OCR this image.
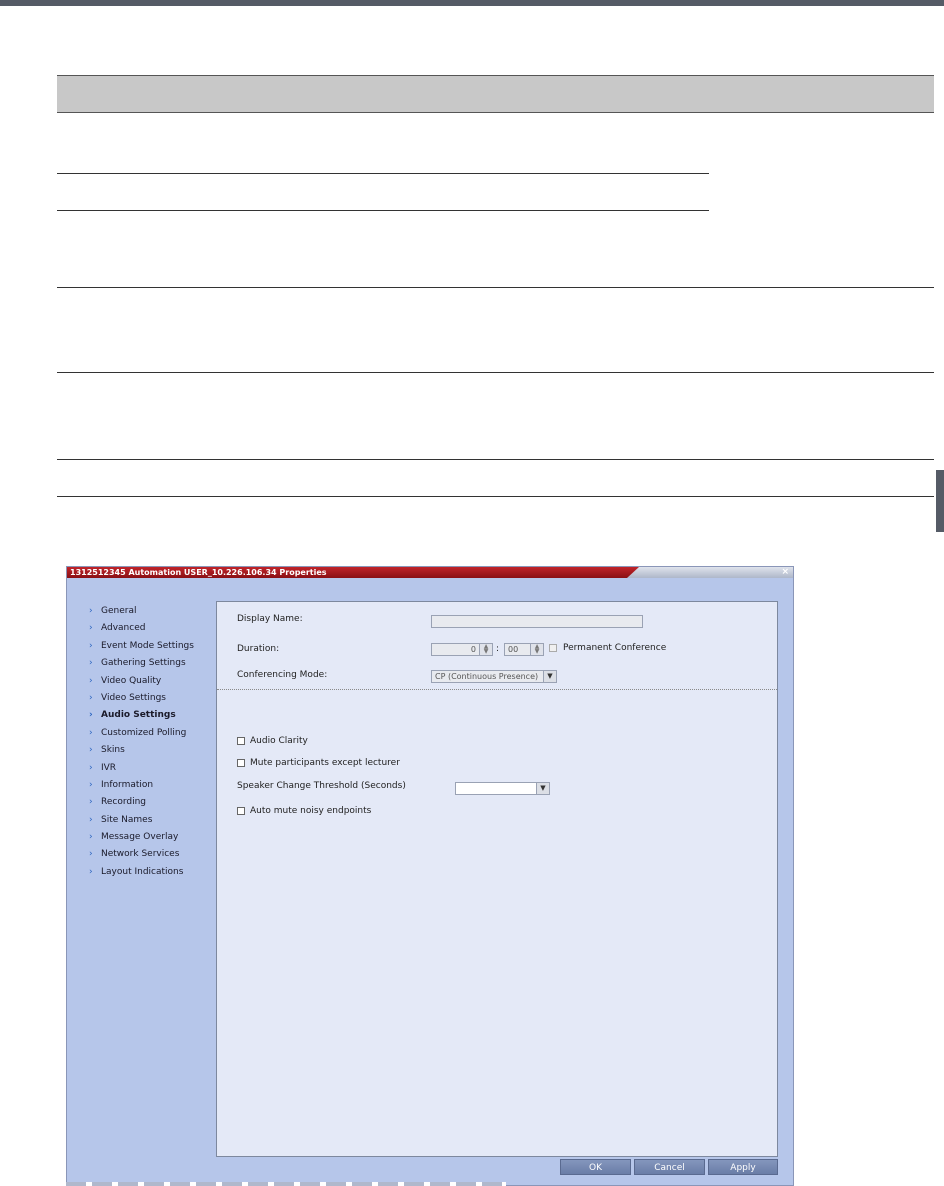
1312512345 Automation USER_10.226.106.34 Properties	×
› General
› Advanced
› Event Mode Settings
› Gathering Settings
› Video Quality
› Video Settings
› Audio Settings
› Customized Polling
› Skins
› IVR
› Information
› Recording
› Site Names
› Message Overlay
› Network Services
› Layout Indications
Display Name:
Duration:	0	▲
▼ :	00	▲
▼	Permanent Conference
Conferencing Mode:	CP (Continuous Presence)	▼
Audio Clarity
Mute participants except lecturer
Speaker Change Threshold (Seconds)	▼
Auto mute noisy endpoints
OK	Cancel	Apply
